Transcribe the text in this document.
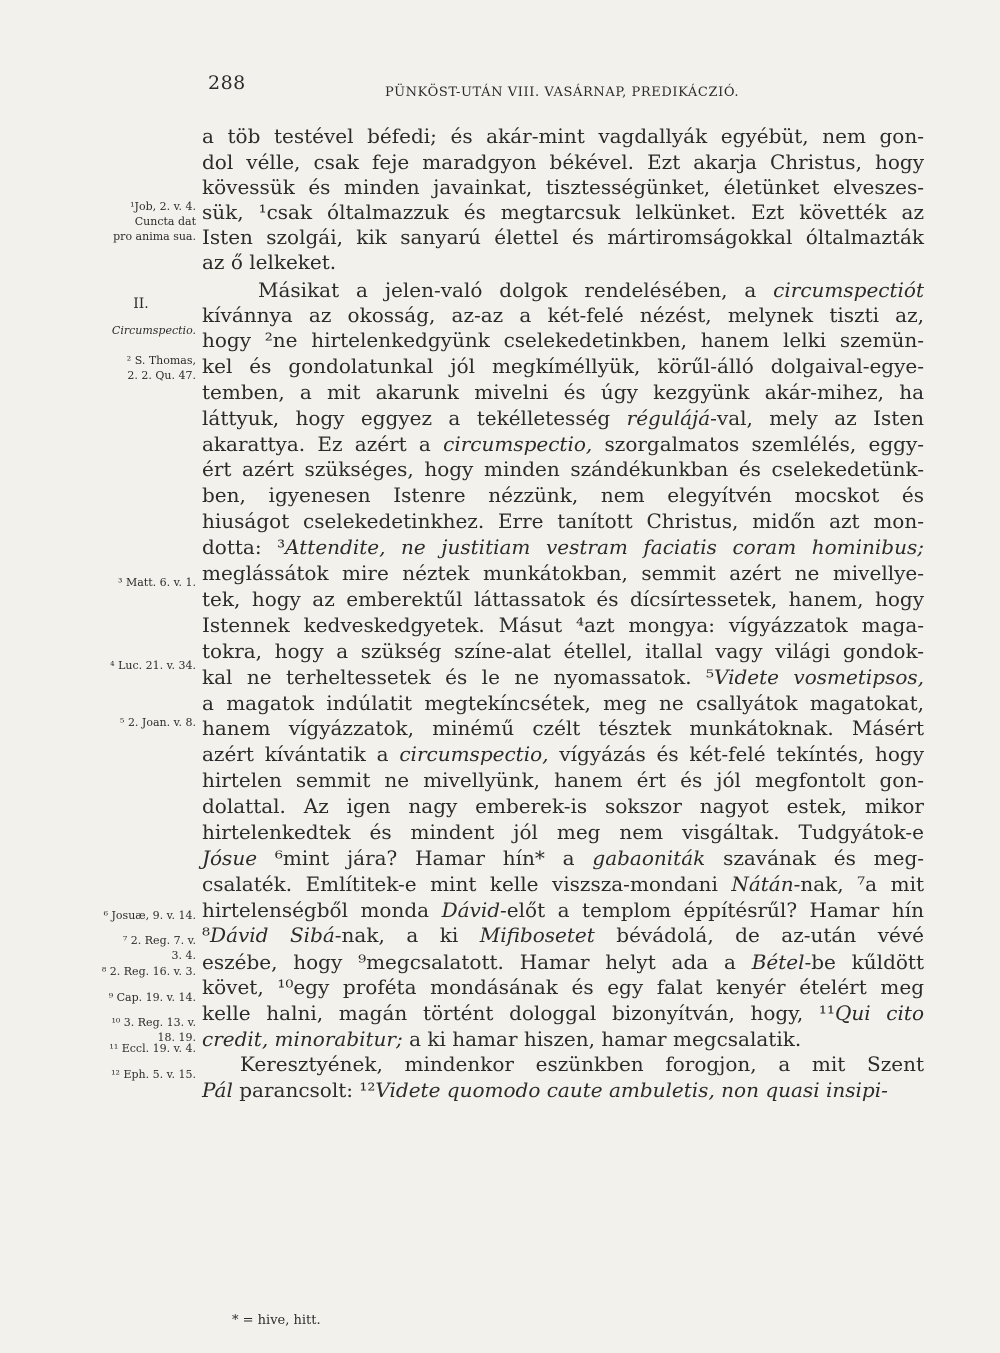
288	PÜNKÖST-UTÁN VIII. VASÁRNAP, PREDIKÁCZIÓ.
a töb testével béfedi; és akár-mint vagdallyák egyébüt, nem gon-
dol vélle, csak feje maradgyon békével. Ezt akarja Christus, hogy
kövessük és minden javainkat, tisztességünket, életünket elveszes-
sük, ¹csak óltalmazzuk és megtarcsuk lelkünket. Ezt követték az
Isten szolgái, kik sanyarú élettel és mártiromságokkal óltalmazták
az ő lelkeket.
Másikat a jelen-való dolgok rendelésében, a circumspectiót
kívánnya az okosság, az-az a két-felé nézést, melynek tiszti az,
hogy ²ne hirtelenkedgyünk cselekedetinkben, hanem lelki szemün-
kel és gondolatunkal jól megkíméllyük, körűl-álló dolgaival-egye-
temben, a mit akarunk mivelni és úgy kezgyünk akár-mihez, ha
láttyuk, hogy eggyez a tekélletesség régulájá-val, mely az Isten
akarattya. Ez azért a circumspectio, szorgalmatos szemlélés, eggy-
ért azért szükséges, hogy minden szándékunkban és cselekedetünk-
ben, igyenesen Istenre nézzünk, nem elegyítvén mocskot és
hiuságot cselekedetinkhez. Erre tanított Christus, midőn azt mon-
dotta: ³Attendite, ne justitiam vestram faciatis coram hominibus;
meglássátok mire néztek munkátokban, semmit azért ne mivellye-
tek, hogy az emberektűl láttassatok és dícsírtessetek, hanem, hogy
Istennek kedveskedgyetek. Másut ⁴azt mongya: vígyázzatok maga-
tokra, hogy a szükség színe-alat étellel, itallal vagy világi gondok-
kal ne terheltessetek és le ne nyomassatok. ⁵Videte vosmetipsos,
a magatok indúlatit megtekíncsétek, meg ne csallyátok magatokat,
hanem vígyázzatok, minémű czélt tésztek munkátoknak. Másért
azért kívántatik a circumspectio, vígyázás és két-felé tekíntés, hogy
hirtelen semmit ne mivellyünk, hanem ért és jól megfontolt gon-
dolattal. Az igen nagy emberek-is sokszor nagyot estek, mikor
hirtelenkedtek és mindent jól meg nem visgáltak. Tudgyátok-e
Jósue ⁶mint jára? Hamar hín* a gabaoniták szavának és meg-
csalaték. Említitek-e mint kelle viszsza-mondani Nátán-nak, ⁷a mit
hirtelenségből monda Dávid-előt a templom éppítésrűl? Hamar hín
⁸Dávid Sibá-nak, a ki Mifibosetet bévádolá, de az-után vévé
eszébe, hogy ⁹megcsalatott. Hamar helyt ada a Bétel-be kűldött
követ, ¹⁰egy proféta mondásának és egy falat kenyér ételért meg
kelle halni, magán történt dologgal bizonyítván, hogy, ¹¹Qui cito
credit, minorabitur; a ki hamar hiszen, hamar megcsalatik.
Keresztyének, mindenkor eszünkben forogjon, a mit Szent
Pál parancsolt: ¹²Videte quomodo caute ambuletis, non quasi insipi-
¹Job, 2. v. 4.
Cuncta dat
pro anima sua.
II.
Circumspectio.
² S. Thomas,
2. 2. Qu. 47.
³ Matt. 6. v. 1.
⁴ Luc. 21. v. 34.
⁵ 2. Joan. v. 8.
⁶ Josuæ, 9. v. 14.
⁷ 2. Reg. 7. v.
3. 4.
⁸ 2. Reg. 16. v. 3.
⁹ Cap. 19. v. 14.
¹⁰ 3. Reg. 13. v.
18. 19.
¹¹ Eccl. 19. v. 4.
¹² Eph. 5. v. 15.
* = hive, hitt.
